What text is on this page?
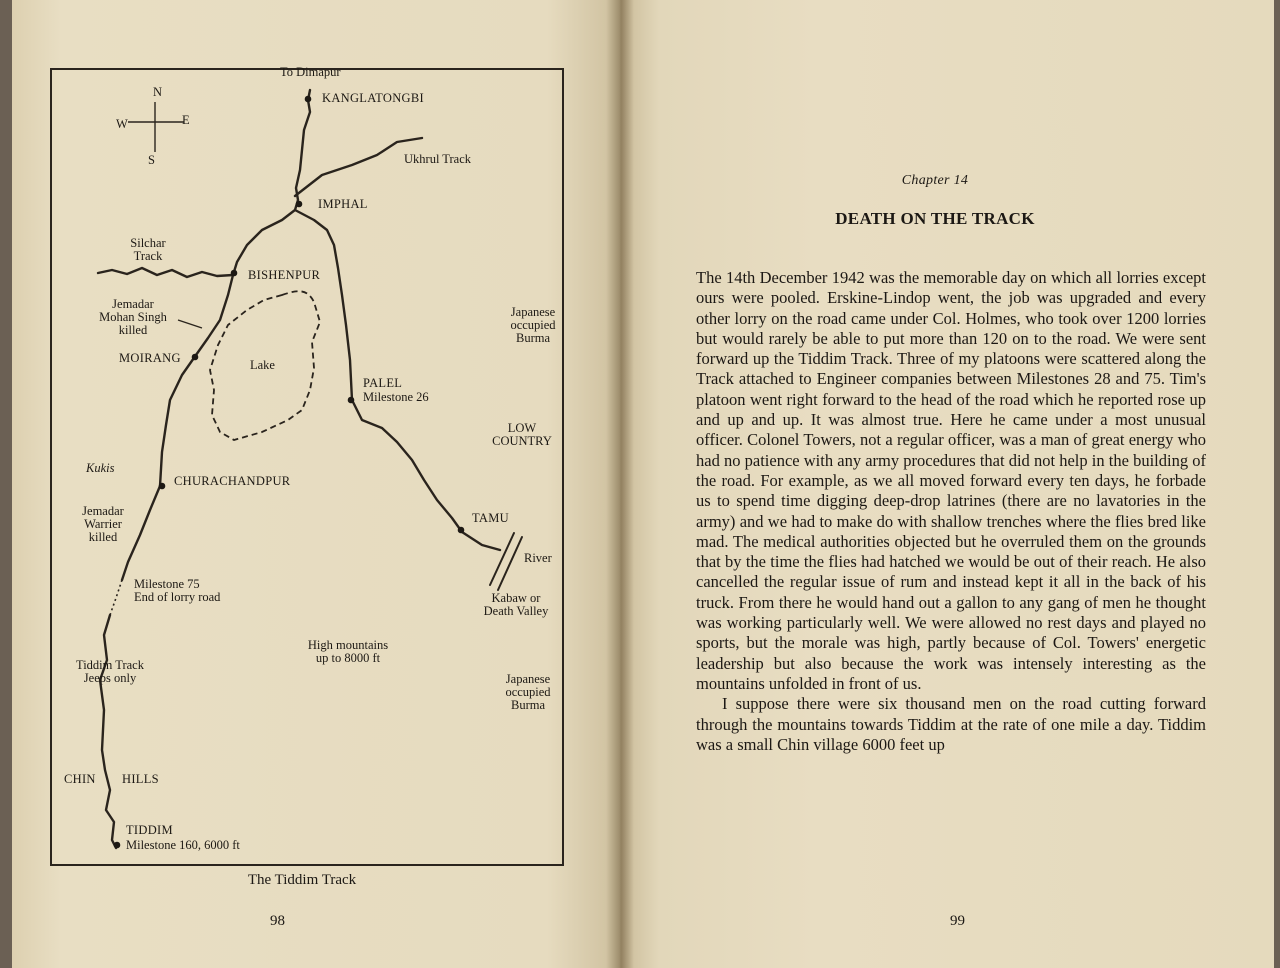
N
S
E
W
To Dimapur
KANGLATONGBI
Ukhrul Track
IMPHAL
Silchar
Track
BISHENPUR
Jemadar
Mohan Singh
killed
Japanese
occupied
Burma
MOIRANG	Lake
PALEL
Milestone 26
LOW
COUNTRY
Kukis
CHURACHANDPUR
Jemadar
Warrier
killed
TAMU
River
Milestone 75
End of lorry road	Kabaw or
Death Valley
High mountains
up to 8000 ft
Tiddim Track
Jeeps only	Japanese
occupied
Burma
CHIN HILLS
TIDDIM
Milestone 160, 6000 ft
The Tiddim Track
98
Chapter 14
DEATH ON THE TRACK

The 14th December 1942 was the memorable day on which all lorries except ours were pooled. Erskine-Lindop went, the job was upgraded and every other lorry on the road came under Col. Holmes, who took over 1200 lorries but would rarely be able to put more than 120 on to the road. We were sent forward up the Tiddim Track. Three of my platoons were scattered along the Track attached to Engineer companies between Milestones 28 and 75. Tim's platoon went right forward to the head of the road which he reported rose up and up and up. It was almost true. Here he came under a most unusual officer. Colonel Towers, not a regular officer, was a man of great energy who had no patience with any army procedures that did not help in the building of the road. For example, as we all moved forward every ten days, he forbade us to spend time digging deep-drop latrines (there are no lavatories in the army) and we had to make do with shallow trenches where the flies bred like mad. The medical authorities objected but he overruled them on the grounds that by the time the flies had hatched we would be out of their reach. He also cancelled the regular issue of rum and instead kept it all in the back of his truck. From there he would hand out a gallon to any gang of men he thought was working particularly well. We were allowed no rest days and played no sports, but the morale was high, partly because of Col. Towers' energetic leadership but also because the work was intensely interesting as the mountains unfolded in front of us.

I suppose there were six thousand men on the road cutting forward through the mountains towards Tiddim at the rate of one mile a day. Tiddim was a small Chin village 6000 feet up

99
